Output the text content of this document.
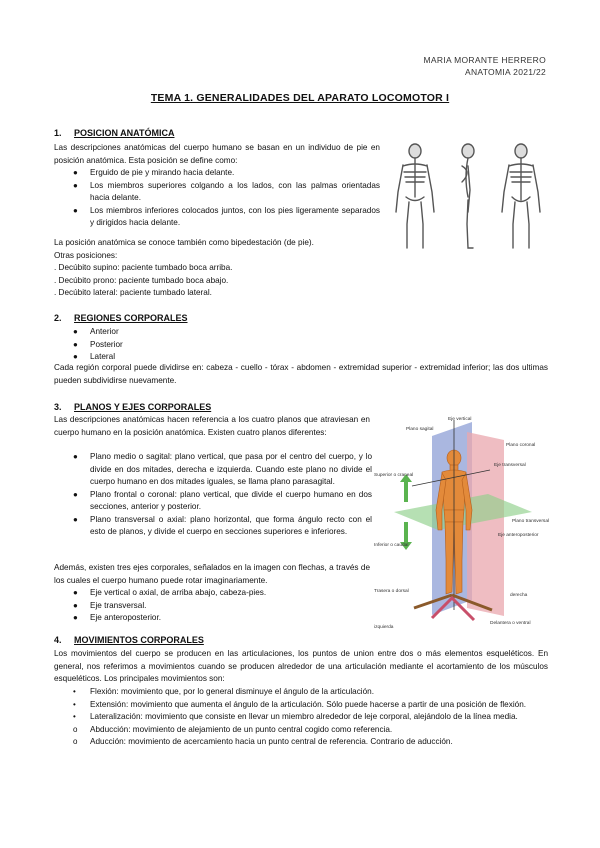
MARIA MORANTE HERRERO
ANATOMIA 2021/22
TEMA 1. GENERALIDADES DEL APARATO LOCOMOTOR I
1. POSICION ANATÓMICA
Las descripciones anatómicas del cuerpo humano se basan en un individuo de pie en posición anatómica. Esta posición se define como:
● Erguido de pie y mirando hacia delante.
● Los miembros superiores colgando a los lados, con las palmas orientadas hacia delante.
● Los miembros inferiores colocados juntos, con los pies ligeramente separados y dirigidos hacia delante.
La posición anatómica se conoce también como bipedestación (de pie).
Otras posiciones:
. Decúbito supino: paciente tumbado boca arriba.
. Decúbito prono: paciente tumbado boca abajo.
. Decúbito lateral: paciente tumbado lateral.
2. REGIONES CORPORALES
● Anterior
● Posterior
● Lateral
Cada región corporal puede dividirse en: cabeza - cuello - tórax - abdomen - extremidad superior - extremidad inferior; las dos ultimas pueden subdividirse nuevamente.
3. PLANOS Y EJES CORPORALES
Las descripciones anatómicas hacen referencia a los cuatro planos que atraviesan en cuerpo humano en la posición anatómica. Existen cuatro planos diferentes:
● Plano medio o sagital: plano vertical, que pasa por el centro del cuerpo, y lo divide en dos mitades, derecha e izquierda. Cuando este plano no divide el cuerpo humano en dos mitades iguales, se llama plano parasagital.
● Plano frontal o coronal: plano vertical, que divide el cuerpo humano en dos secciones, anterior y posterior.
● Plano transversal o axial: plano horizontal, que forma ángulo recto con el esto de planos, y divide el cuerpo en secciones superiores e inferiores.
Además, existen tres ejes corporales, señalados en la imagen con flechas, a través de los cuales el cuerpo humano puede rotar imaginariamente.
● Eje vertical o axial, de arriba abajo, cabeza-pies.
● Eje transversal.
● Eje anteroposterior.
Plano sagital
Eje vertical
Plano coronal
Superior o craneal
Eje transversal
Plano transversal
Eje anteroposterior
Inferior o caudal
Trasera o dorsal
derecha
izquierda
Delantera o ventral
4. MOVIMIENTOS CORPORALES
Los movimientos del cuerpo se producen en las articulaciones, los puntos de union entre dos o más elementos esqueléticos. En general, nos referimos a movimientos cuando se producen alrededor de una articulación mediante el acortamiento de los músculos esqueléticos. Los principales movimientos son:
• Flexión: movimiento que, por lo general disminuye el ángulo de la articulación.
• Extensión: movimiento que aumenta el ángulo de la articulación. Sólo puede hacerse a partir de una posición de flexión.
• Lateralización: movimiento que consiste en llevar un miembro alrededor de leje corporal, alejándolo de la línea media.
o Abducción: movimiento de alejamiento de un punto central cogido como referencia.
o Aducción: movimiento de acercamiento hacia un punto central de referencia. Contrario de aducción.
